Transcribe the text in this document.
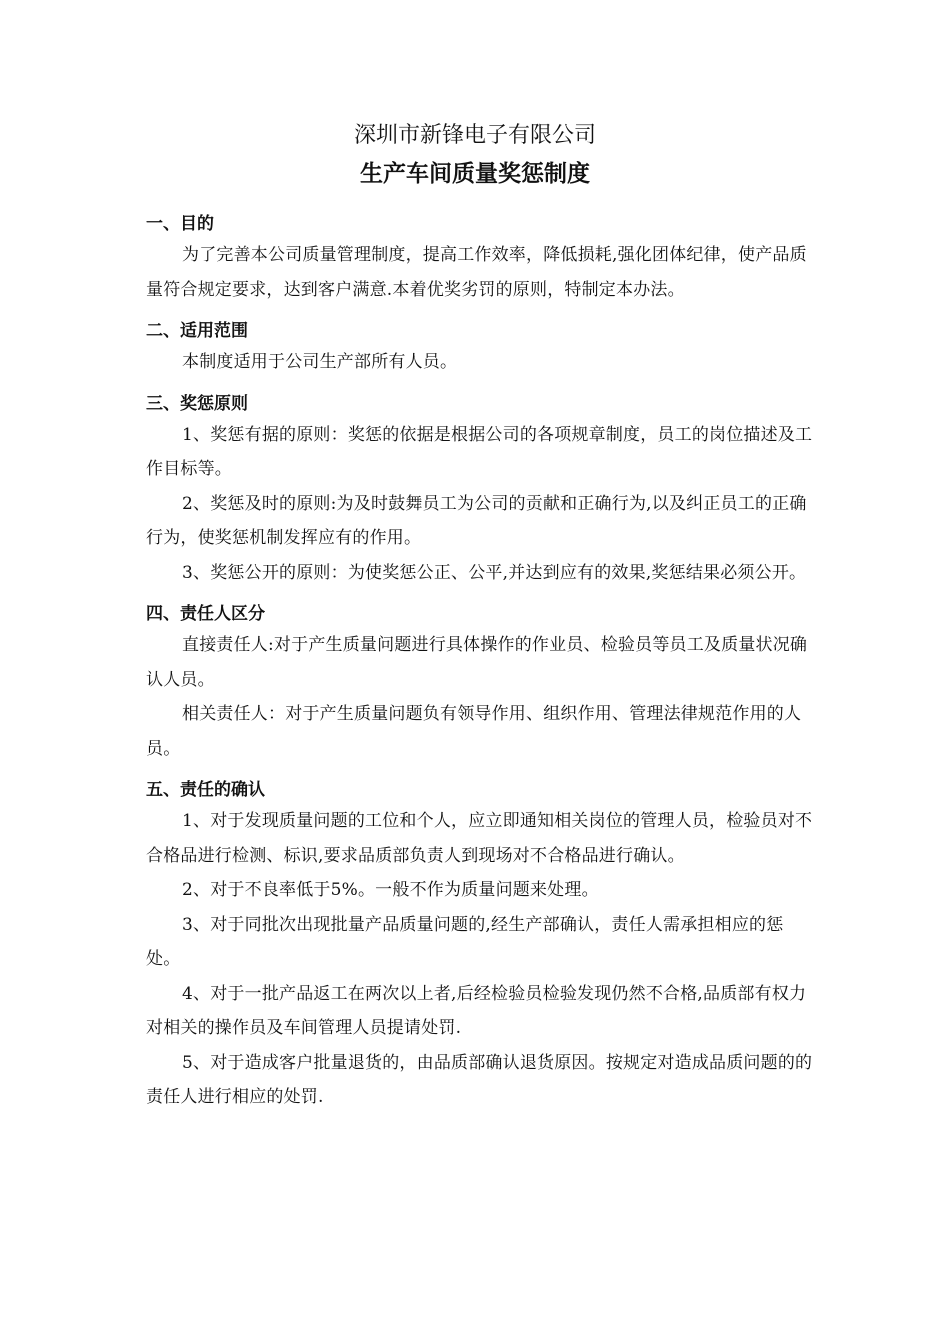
深圳市新锋电子有限公司
生产车间质量奖惩制度

一、目的

为了完善本公司质量管理制度，提高工作效率，降低损耗,强化团体纪律，使产品质量符合规定要求，达到客户满意.本着优奖劣罚的原则，特制定本办法。

二、适用范围

本制度适用于公司生产部所有人员。

三、奖惩原则

1、奖惩有据的原则：奖惩的依据是根据公司的各项规章制度，员工的岗位描述及工作目标等。

2、奖惩及时的原则:为及时鼓舞员工为公司的贡献和正确行为,以及纠正员工的正确行为，使奖惩机制发挥应有的作用。

3、奖惩公开的原则：为使奖惩公正、公平,并达到应有的效果,奖惩结果必须公开。

四、责任人区分

直接责任人:对于产生质量问题进行具体操作的作业员、检验员等员工及质量状况确认人员。

相关责任人：对于产生质量问题负有领导作用、组织作用、管理法律规范作用的人员。

五、责任的确认

1、对于发现质量问题的工位和个人，应立即通知相关岗位的管理人员，检验员对不合格品进行检测、标识,要求品质部负责人到现场对不合格品进行确认。

2、对于不良率低于5%。一般不作为质量问题来处理。

3、对于同批次出现批量产品质量问题的,经生产部确认，责任人需承担相应的惩处。

4、对于一批产品返工在两次以上者,后经检验员检验发现仍然不合格,品质部有权力对相关的操作员及车间管理人员提请处罚.

5、对于造成客户批量退货的，由品质部确认退货原因。按规定对造成品质问题的的责任人进行相应的处罚.
